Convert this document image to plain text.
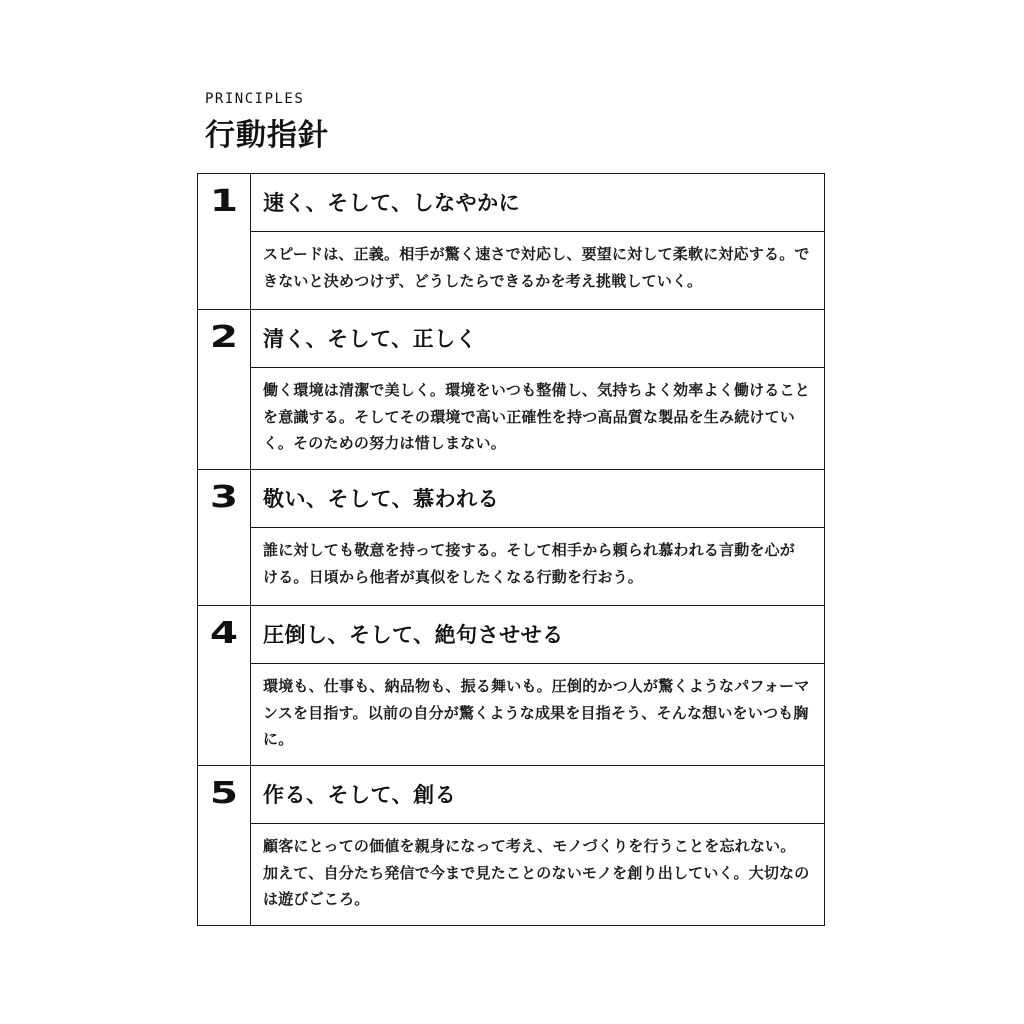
PRINCIPLES
行動指針
1	速く、そして、しなやかに
スピードは、正義。相手が驚く速さで対応し、要望に対して柔軟に対応する。できないと決めつけず、どうしたらできるかを考え挑戦していく。
2	清く、そして、正しく
働く環境は清潔で美しく。環境をいつも整備し、気持ちよく効率よく働けることを意識する。そしてその環境で高い正確性を持つ高品質な製品を生み続けていく。そのための努力は惜しまない。
3	敬い、そして、慕われる
誰に対しても敬意を持って接する。そして相手から頼られ慕われる言動を心がける。日頃から他者が真似をしたくなる行動を行おう。
4	圧倒し、そして、絶句させせる
環境も、仕事も、納品物も、振る舞いも。圧倒的かつ人が驚くようなパフォーマンスを目指す。以前の自分が驚くような成果を目指そう、そんな想いをいつも胸に。
5	作る、そして、創る
顧客にとっての価値を親身になって考え、モノづくりを行うことを忘れない。加えて、自分たち発信で今まで見たことのないモノを創り出していく。大切なのは遊びごころ。
